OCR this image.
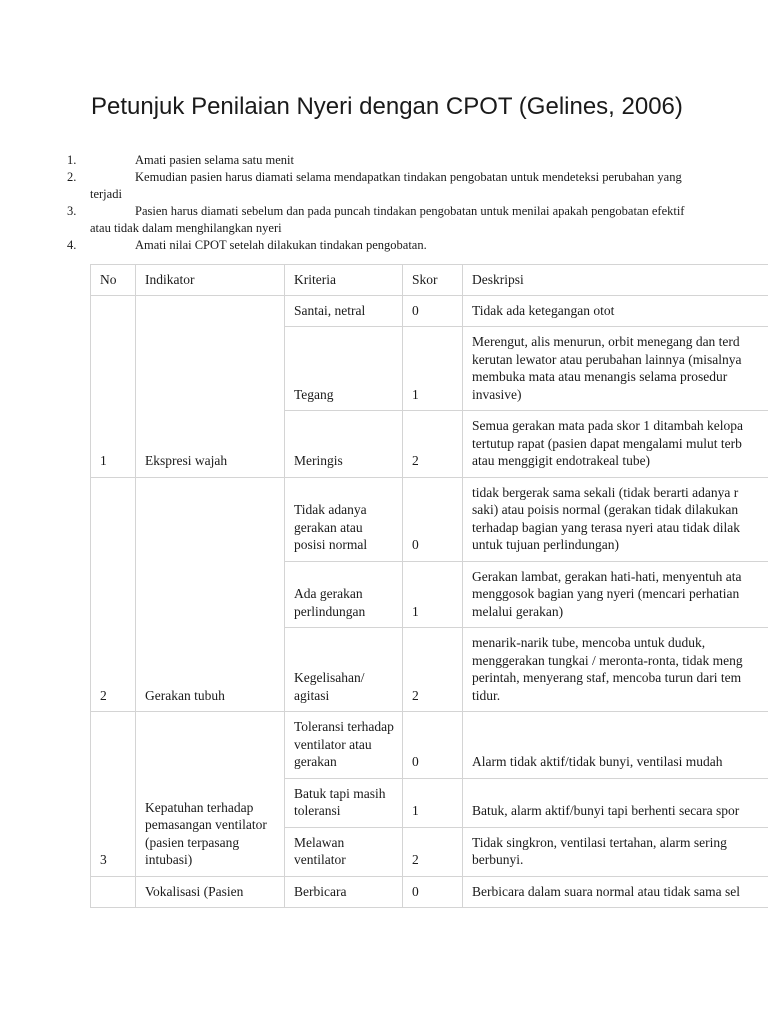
Petunjuk Penilaian Nyeri dengan CPOT (Gelines, 2006)
1.	Amati pasien selama satu menit
2.	Kemudian pasien harus diamati selama mendapatkan tindakan pengobatan untuk mendeteksi perubahan yang terjadi
3.	Pasien harus diamati sebelum dan pada puncah tindakan pengobatan untuk menilai apakah pengobatan efektif atau tidak dalam menghilangkan nyeri
4.	Amati nilai CPOT setelah dilakukan tindakan pengobatan.
No	Indikator	Kriteria	Skor	Deskripsi
1	Ekspresi wajah	Santai, netral	0	Tidak ada ketegangan otot

		Tegang	1	Merengut, alis menurun, orbit menegang dan terd
kerutan lewator atau perubahan lainnya (misalnya
membuka mata atau menangis selama prosedur
invasive)

		Meringis	2	Semua gerakan mata pada skor 1 ditambah kelopa
tertutup rapat (pasien dapat mengalami mulut terb
atau menggigit endotrakeal tube)

2	Gerakan tubuh	Tidak adanya gerakan atau posisi normal	0	tidak bergerak sama sekali (tidak berarti adanya r
saki) atau poisis normal (gerakan tidak dilakukan
terhadap bagian yang terasa nyeri atau tidak dilak
untuk tujuan perlindungan)

		Ada gerakan perlindungan	1	Gerakan lambat, gerakan hati-hati, menyentuh ata
menggosok bagian yang nyeri (mencari perhatian
melalui gerakan)

		Kegelisahan/ agitasi	2	menarik-narik tube, mencoba untuk duduk,
menggerakan tungkai / meronta-ronta, tidak meng
perintah, menyerang staf, mencoba turun dari tem
tidur.

3	Kepatuhan terhadap pemasangan ventilator (pasien terpasang intubasi)	Toleransi terhadap ventilator atau gerakan	0	Alarm tidak aktif/tidak bunyi, ventilasi mudah

		Batuk tapi masih toleransi	1	Batuk, alarm aktif/bunyi tapi berhenti secara spor

		Melawan ventilator	2	Tidak singkron, ventilasi tertahan, alarm sering
berbunyi.

	Vokalisasi (Pasien	Berbicara	0	Berbicara dalam suara normal atau tidak sama sel
